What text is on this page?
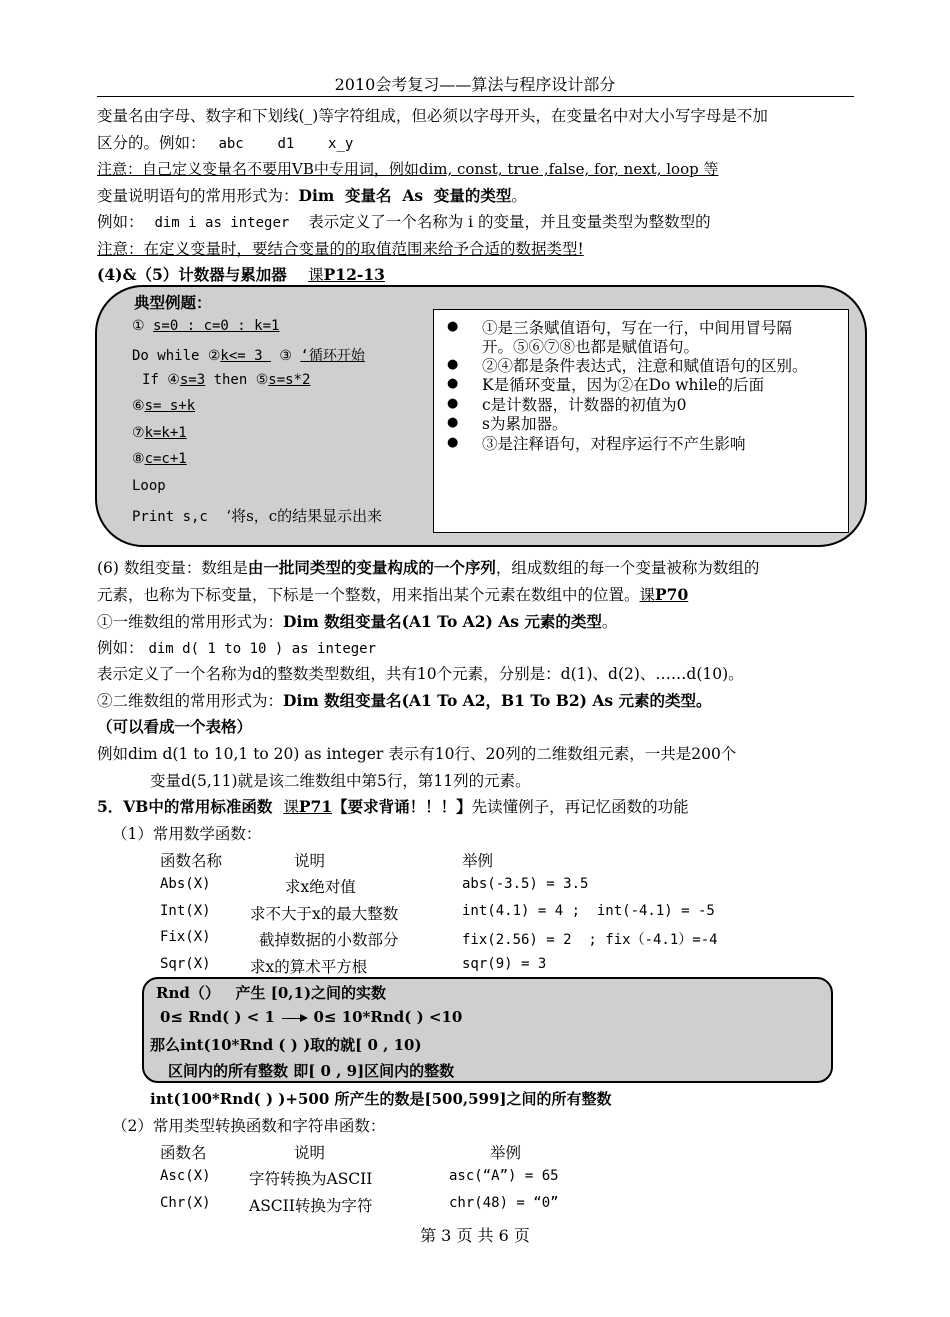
2010会考复习——算法与程序设计部分
变量名由字母、数字和下划线(_)等字符组成，但必须以字母开头，在变量名中对大小写字母是不加
区分的。例如： abc    d1    x_y
注意：自己定义变量名不要用VB中专用词，例如dim, const, true ,false, for, next, loop 等
变量说明语句的常用形式为：Dim  变量名  As  变量的类型。
例如： dim i as integer 表示定义了一个名称为 i 的变量，并且变量类型为整数型的
注意：在定义变量时，要结合变量的的取值范围来给予合适的数据类型!
(4)&（5）计数器与累加器 课P12-13
典型例题：
① s=0 : c=0 : k=1
Do while ②k<= 3  ③ ‘循环开始
If ④s=3 then ⑤s=s*2
⑥s= s+k
⑦k=k+1
⑧c=c+1
Loop
Print s,c ‘将s，c的结果显示出来
● ①是三条赋值语句，写在一行，中间用冒号隔
开。⑤⑥⑦⑧也都是赋值语句。
● ②④都是条件表达式，注意和赋值语句的区别。
● K是循环变量，因为②在Do while的后面
● c是计数器，计数器的初值为0
● s为累加器。
● ③是注释语句，对程序运行不产生影响
(6) 数组变量：数组是由一批同类型的变量构成的一个序列，组成数组的每一个变量被称为数组的
元素，也称为下标变量，下标是一个整数，用来指出某个元素在数组中的位置。课P70
①一维数组的常用形式为：Dim 数组变量名(A1 To A2) As 元素的类型。
例如： dim d( 1 to 10 ) as integer
表示定义了一个名称为d的整数类型数组，共有10个元素，分别是：d(1)、d(2)、……d(10)。
②二维数组的常用形式为：Dim 数组变量名(A1 To A2，B1 To B2) As 元素的类型。
（可以看成一个表格）
例如dim d(1 to 10,1 to 20) as integer 表示有10行、20列的二维数组元素，一共是200个
变量d(5,11)就是该二维数组中第5行，第11列的元素。
5．VB中的常用标准函数 课P71【要求背诵！！！】先读懂例子，再记忆函数的功能
（1）常用数学函数：
函数名称	说明	举例
Abs(X)	求x绝对值	abs(-3.5) = 3.5
Int(X)	求不大于x的最大整数	int(4.1) = 4 ;  int(-4.1) = -5
Fix(X)	截掉数据的小数部分	fix(2.56) = 2  ; fix（-4.1）=-4
Sqr(X)	求x的算术平方根	sqr(9) = 3
Rnd（）   产生 [0,1)之间的实数
0≤ Rnd( ) < 1	0≤ 10*Rnd( ) <10
那么int(10*Rnd ( ) )取的就[ 0 , 10)
区间内的所有整数 即[ 0 , 9]区间内的整数
int(100*Rnd( ) )+500 所产生的数是[500,599]之间的所有整数
（2）常用类型转换函数和字符串函数：
函数名	说明	举例
Asc(X) 字符转换为ASCII	asc(“A”) = 65
Chr(X) ASCII转换为字符	chr(48) = “0”
第 3 页 共 6 页
